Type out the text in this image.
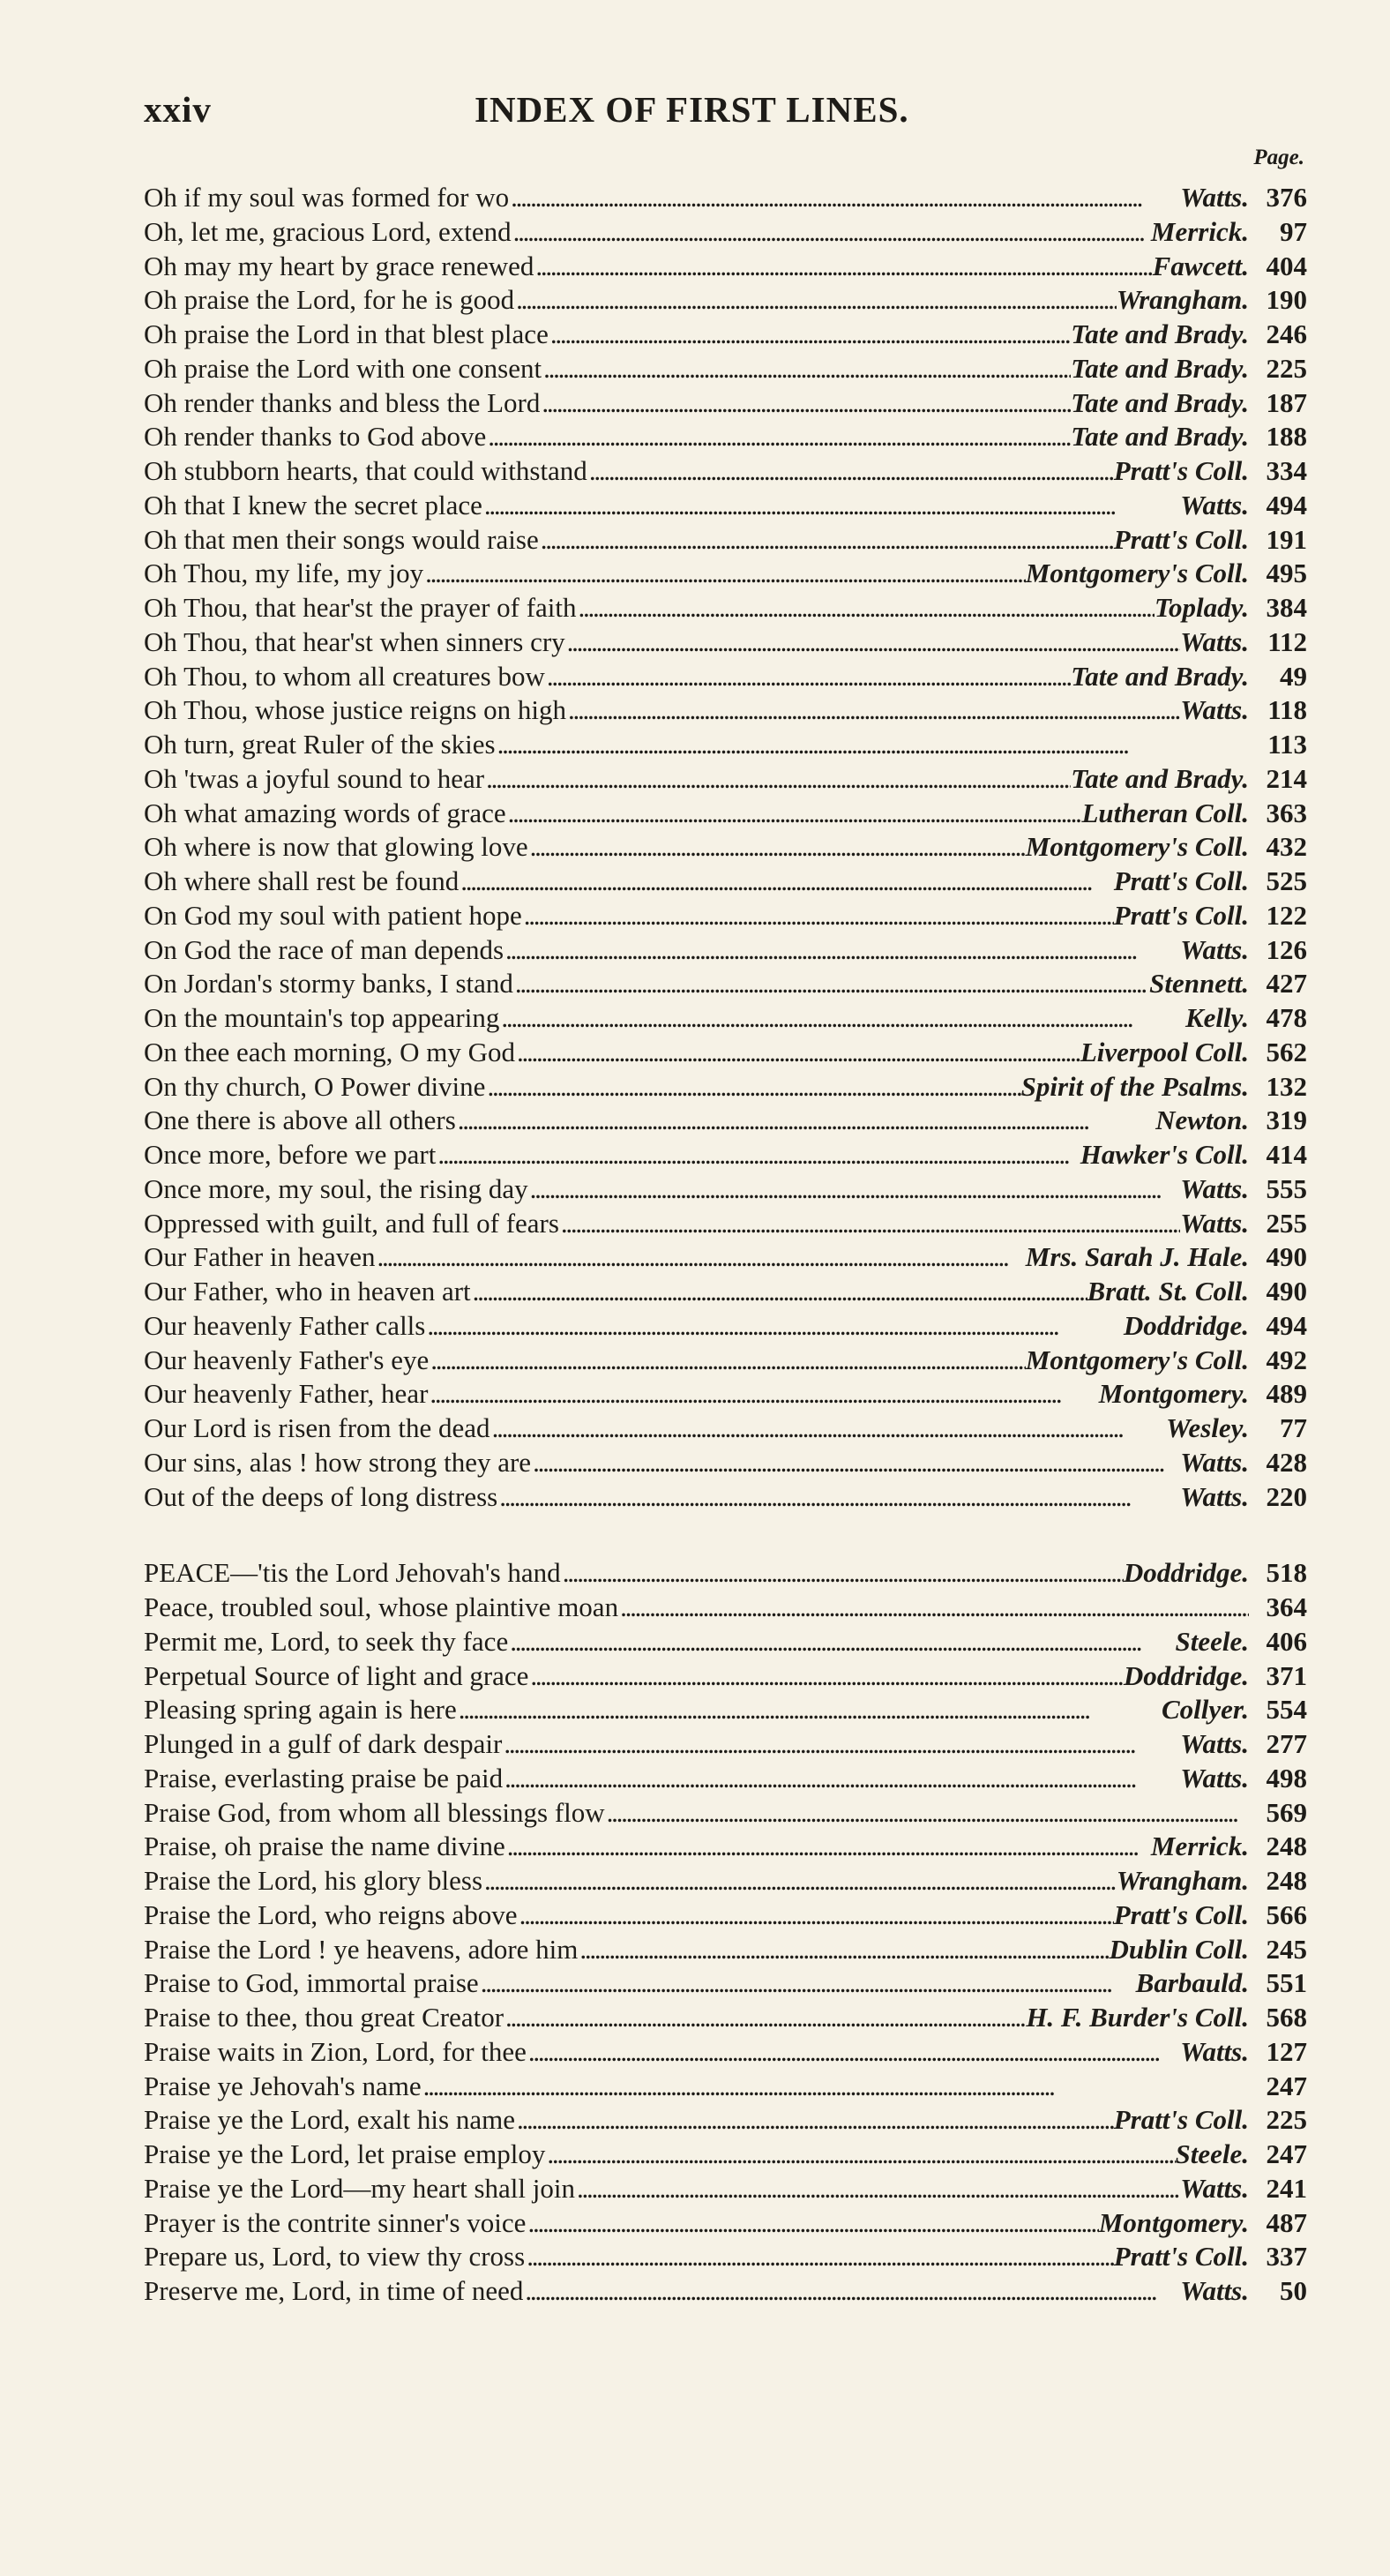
xxiv	INDEX OF FIRST LINES.
Page.
Oh if my soul was formed for wo . . .	Watts. 376
Oh, let me, gracious Lord, extend . . .	Merrick.	97
Oh may my heart by grace renewed . . .	Fawcett. 404
Oh praise the Lord, for he is good . . .	Wrangham. 190
Oh praise the Lord in that blest place . . .	Tate and Brady. 246
Oh praise the Lord with one consent . . .	Tate and Brady. 225
Oh render thanks and bless the Lord . . .	Tate and Brady. 187
Oh render thanks to God above . . .	Tate and Brady. 188
Oh stubborn hearts, that could withstand . . .	Pratt's Coll. 334
Oh that I knew the secret place . . .	Watts. 494
Oh that men their songs would raise . . .	Pratt's Coll. 191
Oh Thou, my life, my joy . . .	Montgomery's Coll. 495
Oh Thou, that hear'st the prayer of faith . . .	Toplady. 384
Oh Thou, that hear'st when sinners cry . . .	Watts. 112
Oh Thou, to whom all creatures bow . . .	Tate and Brady.	49
Oh Thou, whose justice reigns on high . . .	Watts. 118
Oh turn, great Ruler of the skies . . .	113
Oh 'twas a joyful sound to hear . . .	Tate and Brady. 214
Oh what amazing words of grace . . .	Lutheran Coll. 363
Oh where is now that glowing love . . .	Montgomery's Coll. 432
Oh where shall rest be found . . .	Pratt's Coll. 525
On God my soul with patient hope . . .	Pratt's Coll. 122
On God the race of man depends . . .	Watts. 126
On Jordan's stormy banks, I stand . . .	Stennett. 427
On the mountain's top appearing . . .	Kelly. 478
On thee each morning, O my God . . .	Liverpool Coll. 562
On thy church, O Power divine . . .	Spirit of the Psalms. 132
One there is above all others . . .	Newton. 319
Once more, before we part . . .	Hawker's Coll. 414
Once more, my soul, the rising day . . .	Watts. 555
Oppressed with guilt, and full of fears . . .	Watts. 255
Our Father in heaven . . .	Mrs. Sarah J. Hale. 490
Our Father, who in heaven art . . .	Bratt. St. Coll. 490
Our heavenly Father calls . . .	Doddridge. 494
Our heavenly Father's eye . . .	Montgomery's Coll. 492
Our heavenly Father, hear . . .	Montgomery. 489
Our Lord is risen from the dead . . .	Wesley.	77
Our sins, alas ! how strong they are . . .	Watts. 428
Out of the deeps of long distress . . .	Watts. 220
PEACE—'tis the Lord Jehovah's hand . . .	Doddridge. 518
Peace, troubled soul, whose plaintive moan . . .	364
Permit me, Lord, to seek thy face . . .	Steele. 406
Perpetual Source of light and grace . . .	Doddridge. 371
Pleasing spring again is here . . .	Collyer. 554
Plunged in a gulf of dark despair . . .	Watts. 277
Praise, everlasting praise be paid . . .	Watts. 498
Praise God, from whom all blessings flow . . .	569
Praise, oh praise the name divine . . .	Merrick. 248
Praise the Lord, his glory bless . . .	Wrangham. 248
Praise the Lord, who reigns above . . .	Pratt's Coll. 566
Praise the Lord ! ye heavens, adore him . . .	Dublin Coll. 245
Praise to God, immortal praise . . .	Barbauld. 551
Praise to thee, thou great Creator . . .	H. F. Burder's Coll. 568
Praise waits in Zion, Lord, for thee . . .	Watts. 127
Praise ye Jehovah's name . . .	247
Praise ye the Lord, exalt his name . . .	Pratt's Coll. 225
Praise ye the Lord, let praise employ . . .	Steele. 247
Praise ye the Lord—my heart shall join . . .	Watts. 241
Prayer is the contrite sinner's voice . . .	Montgomery. 487
Prepare us, Lord, to view thy cross . . .	Pratt's Coll. 337
Preserve me, Lord, in time of need . . .	Watts.	50
